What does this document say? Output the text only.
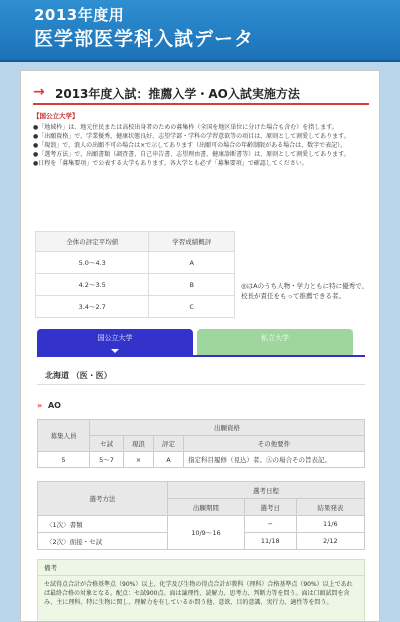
2013年度用
医学部医学科入試データ
→ 2013年度入試：推薦入学・AO入試実施方法
【国公立大学】

●「地域枠」は、地元住民または高校出身者のための募集枠（全国を地区単位に分けた場合も含む）を指します。

●「出願資格」で、学業優秀、健康状態良好、志望学部・学科の学習意欲等の項目は、原則として割愛してあります。

●「現浪」で、浪人の出願不可の場合は×で示してあります（出願可の場合の年齢制限がある場合は、数字で表記）。

●「選考方法」で、出願書類（調査書、自己申告書、志望理由書、健康診断書等）は、原則として割愛してあります。

●日程を「募集要項」で公表する大学もあります。各大学とも必ず「募集要項」で確認してください。

全体の評定平均値	学習成績概評
5.0〜4.3	A
4.2〜3.5	B
3.4〜2.7	C
◎はAのうち人物・学力ともに特に優秀で、校長が責任をもって推薦できる者。
国公立大学	私立大学
北海道 （医・医）
» AO
募集人員	出願資格			
	セ試	現浪	評定	その他要件
5	5〜7	×	A	指定科目履修（見込）者。Ⓐの場合その旨表記。
選考方法	選考日程		
	出願期間	選考日	結果発表
〈1次〉書類	10/9〜16	−	11/6
〈2次〉面接・セ試		11/18	2/12
備考
セ試得点合計が合格基準点（90%）以上、化学及び生物の得点合計が教科（理科）合格基準点（90%）以上であれば最終合格の対象となる。配点：セ試900点。面は論理性、読解力、思考力、判断力等を問う。面は口頭試問を含み、主に理科、特に生物に関し、理解力を有しているか問う他、意欲、目的意識、実行力、適性等を問う。
